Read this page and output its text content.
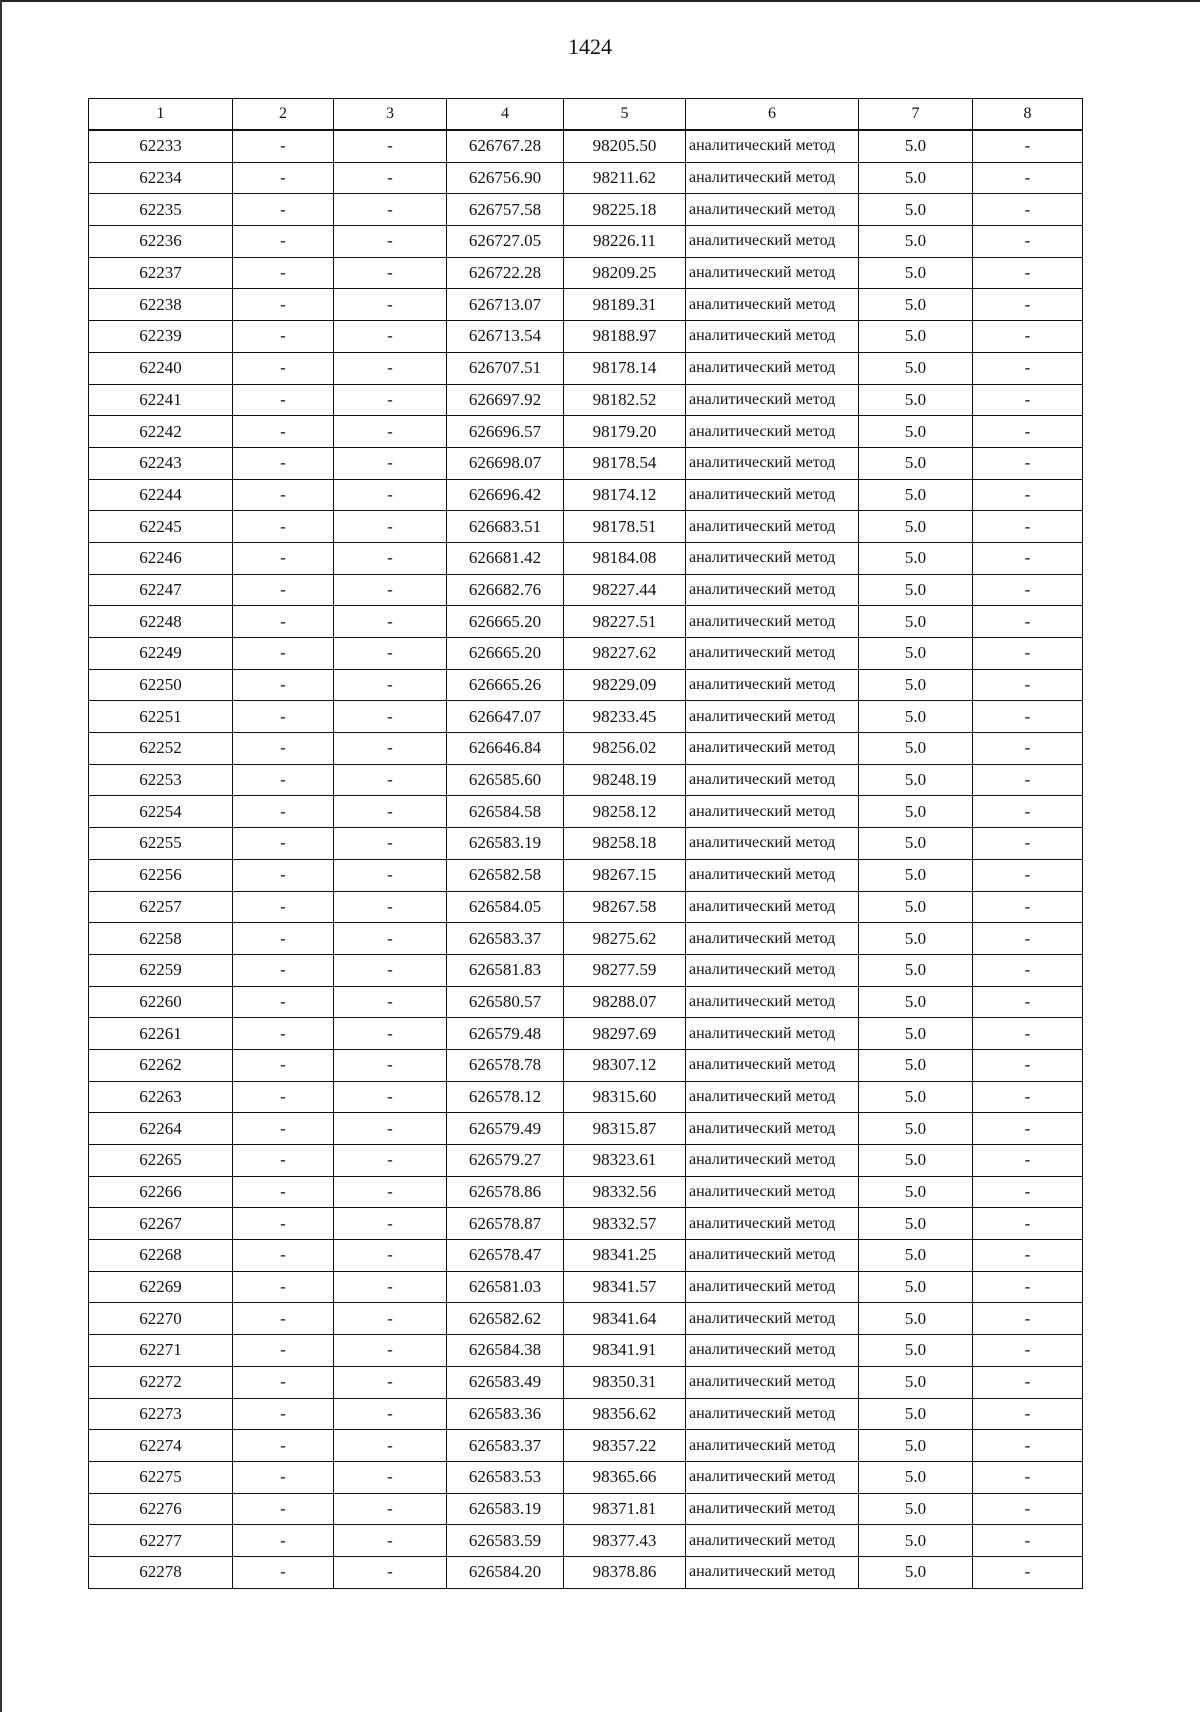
1424
1	2	3	4	5	6	7	8
62233	-	-	626767.28	98205.50	аналитический метод	5.0	-
62234	-	-	626756.90	98211.62	аналитический метод	5.0	-
62235	-	-	626757.58	98225.18	аналитический метод	5.0	-
62236	-	-	626727.05	98226.11	аналитический метод	5.0	-
62237	-	-	626722.28	98209.25	аналитический метод	5.0	-
62238	-	-	626713.07	98189.31	аналитический метод	5.0	-
62239	-	-	626713.54	98188.97	аналитический метод	5.0	-
62240	-	-	626707.51	98178.14	аналитический метод	5.0	-
62241	-	-	626697.92	98182.52	аналитический метод	5.0	-
62242	-	-	626696.57	98179.20	аналитический метод	5.0	-
62243	-	-	626698.07	98178.54	аналитический метод	5.0	-
62244	-	-	626696.42	98174.12	аналитический метод	5.0	-
62245	-	-	626683.51	98178.51	аналитический метод	5.0	-
62246	-	-	626681.42	98184.08	аналитический метод	5.0	-
62247	-	-	626682.76	98227.44	аналитический метод	5.0	-
62248	-	-	626665.20	98227.51	аналитический метод	5.0	-
62249	-	-	626665.20	98227.62	аналитический метод	5.0	-
62250	-	-	626665.26	98229.09	аналитический метод	5.0	-
62251	-	-	626647.07	98233.45	аналитический метод	5.0	-
62252	-	-	626646.84	98256.02	аналитический метод	5.0	-
62253	-	-	626585.60	98248.19	аналитический метод	5.0	-
62254	-	-	626584.58	98258.12	аналитический метод	5.0	-
62255	-	-	626583.19	98258.18	аналитический метод	5.0	-
62256	-	-	626582.58	98267.15	аналитический метод	5.0	-
62257	-	-	626584.05	98267.58	аналитический метод	5.0	-
62258	-	-	626583.37	98275.62	аналитический метод	5.0	-
62259	-	-	626581.83	98277.59	аналитический метод	5.0	-
62260	-	-	626580.57	98288.07	аналитический метод	5.0	-
62261	-	-	626579.48	98297.69	аналитический метод	5.0	-
62262	-	-	626578.78	98307.12	аналитический метод	5.0	-
62263	-	-	626578.12	98315.60	аналитический метод	5.0	-
62264	-	-	626579.49	98315.87	аналитический метод	5.0	-
62265	-	-	626579.27	98323.61	аналитический метод	5.0	-
62266	-	-	626578.86	98332.56	аналитический метод	5.0	-
62267	-	-	626578.87	98332.57	аналитический метод	5.0	-
62268	-	-	626578.47	98341.25	аналитический метод	5.0	-
62269	-	-	626581.03	98341.57	аналитический метод	5.0	-
62270	-	-	626582.62	98341.64	аналитический метод	5.0	-
62271	-	-	626584.38	98341.91	аналитический метод	5.0	-
62272	-	-	626583.49	98350.31	аналитический метод	5.0	-
62273	-	-	626583.36	98356.62	аналитический метод	5.0	-
62274	-	-	626583.37	98357.22	аналитический метод	5.0	-
62275	-	-	626583.53	98365.66	аналитический метод	5.0	-
62276	-	-	626583.19	98371.81	аналитический метод	5.0	-
62277	-	-	626583.59	98377.43	аналитический метод	5.0	-
62278	-	-	626584.20	98378.86	аналитический метод	5.0	-
